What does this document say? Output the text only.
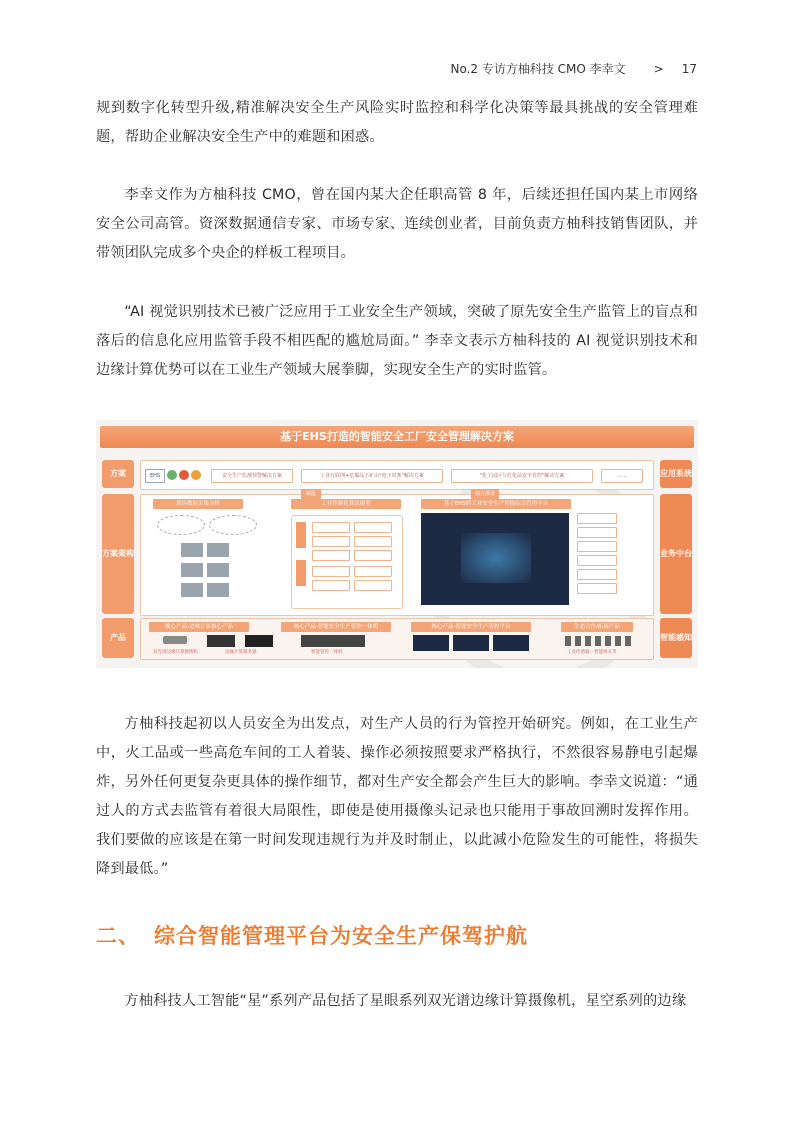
No.2 专访方柚科技 CMO 李幸文 > 17

规到数字化转型升级,精准解决安全生产风险实时监控和科学化决策等最具挑战的安全管理难题，帮助企业解决安全生产中的难题和困惑。

李幸文作为方柚科技 CMO，曾在国内某大企任职高管 8 年，后续还担任国内某上市网络安全公司高管。资深数据通信专家、市场专家、连续创业者，目前负责方柚科技销售团队，并带领团队完成多个央企的样板工程项目。

“AI 视觉识别技术已被广泛应用于工业安全生产领域，突破了原先安全生产监管上的盲点和落后的信息化应用监管手段不相匹配的尴尬局面。” 李幸文表示方柚科技的 AI 视觉识别技术和边缘计算优势可以在工业生产领域大展拳脚，实现安全生产的实时监管。

基于EHS打造的智能安全工厂安全管理解决方案
方案
方案架构
产品
应用系统
业务中台
智能感知
EHS	安全生产监测预警解决方案	工业互联网+危爆品下矿山"电子封条"解决方案	"化工园区与危化品安全管控"解决方案	......
现场数据采集分析
赋能
工业控制化算法模型
独立部署
基于EHS的工业安全生产智能综合管控平台
核心产品-边缘计算核心产品	核心产品-智能安全生产管控一体机	核心产品-智能安全生产管控平台	生态合作/拓展产品
双光谱边缘计算摄像机	边缘计算服务器	智能管控一体机	工业传感器、智能网关等

方柚科技起初以人员安全为出发点，对生产人员的行为管控开始研究。例如，在工业生产中，火工品或一些高危车间的工人着装、操作必须按照要求严格执行，不然很容易静电引起爆炸，另外任何更复杂更具体的操作细节，都对生产安全都会产生巨大的影响。李幸文说道：“通过人的方式去监管有着很大局限性，即使是使用摄像头记录也只能用于事故回溯时发挥作用。我们要做的应该是在第一时间发现违规行为并及时制止，以此减小危险发生的可能性，将损失降到最低。”

二、 综合智能管理平台为安全生产保驾护航

方柚科技人工智能“星”系列产品包括了星眼系列双光谱边缘计算摄像机，星空系列的边缘
